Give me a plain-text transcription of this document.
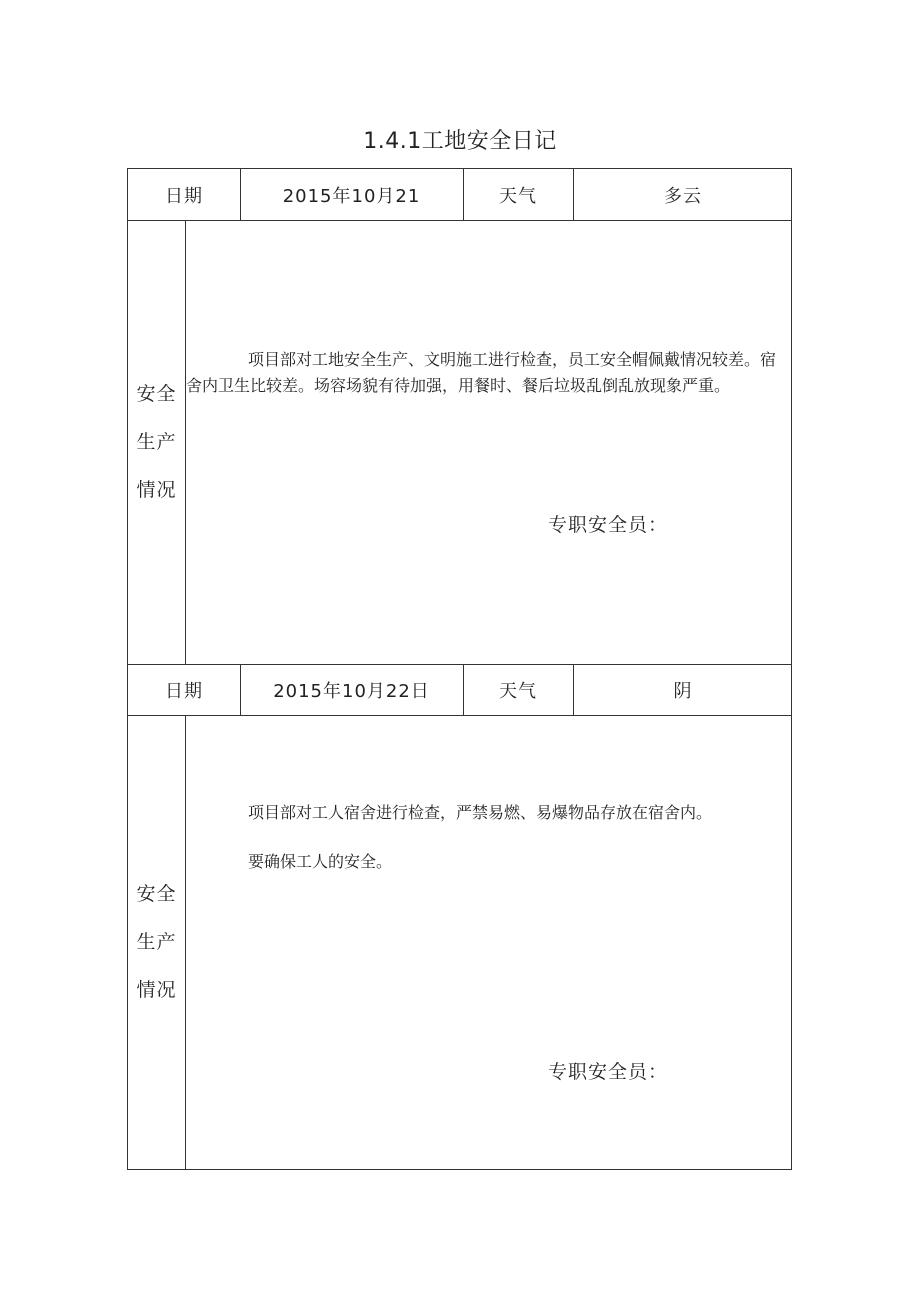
1.4.1工地安全日记
日期	2015年10月21	天气	多云
安全
生产
情况
项目部对工地安全生产、文明施工进行检查，员工安全帽佩戴情况较差。宿舍内卫生比较差。场容场貌有待加强，用餐时、餐后垃圾乱倒乱放现象严重。
专职安全员：
日期	2015年10月22日	天气	阴
安全
生产
情况
项目部对工人宿舍进行检查，严禁易燃、易爆物品存放在宿舍内。
要确保工人的安全。
专职安全员：
